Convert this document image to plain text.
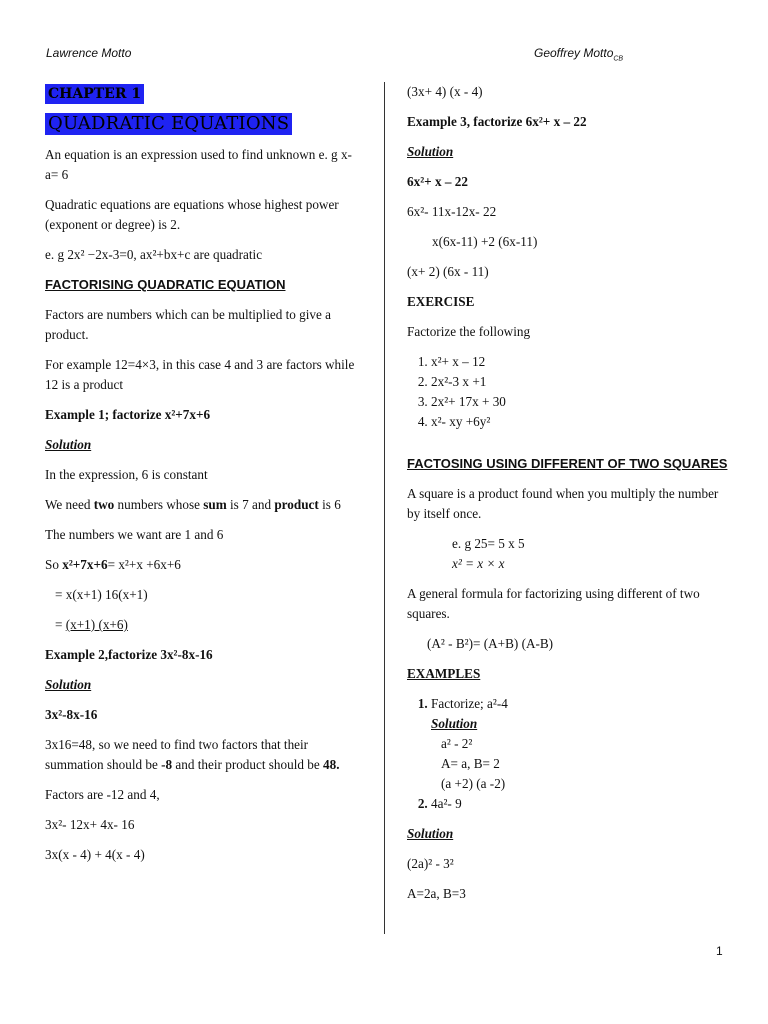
Lawrence Motto	Geoffrey Motto$_{CB}$
CHAPTER 1
QUADRATIC EQUATIONS

An equation is an expression used to find unknown e. g x-a= 6

Quadratic equations are equations whose highest power (exponent or degree) is 2.

e. g 2x² −2x-3=0, ax²+bx+c are quadratic

FACTORISING QUADRATIC EQUATION

Factors are numbers which can be multiplied to give a product.

For example 12=4×3, in this case 4 and 3 are factors while 12 is a product

Example 1; factorize x²+7x+6

Solution

In the expression, 6 is constant

We need two numbers whose sum is 7 and product is 6

The numbers we want are 1 and 6

So x²+7x+6= x²+x +6x+6

= x(x+1) 16(x+1)

= (x+1) (x+6)

Example 2,factorize 3x²-8x-16

Solution

3x²-8x-16

3x16=48, so we need to find two factors that their summation should be -8 and their product should be 48.

Factors are -12 and 4,

3x²- 12x+ 4x- 16

3x(x - 4) + 4(x - 4)

(3x+ 4) (x - 4)

Example 3, factorize 6x²+ x – 22

Solution

6x²+ x – 22

6x²- 11x-12x- 22

x(6x-11) +2 (6x-11)

(x+ 2) (6x - 11)

EXERCISE

Factorize the following

1. x²+ x – 12
2. 2x²-3 x +1
3. 2x²+ 17x + 30
4. x²- xy +6y²

FACTOSING USING DIFFERENT OF TWO SQUARES

A square is a product found when you multiply the number by itself once.

e. g 25= 5 x 5

x² = x × x

A general formula for factorizing using different of two squares.

(A² - B²)= (A+B) (A-B)

EXAMPLES

1. Factorize; a²-4
Solution
a² - 2²
A= a, B= 2
(a +2) (a -2)
2. 4a²- 9

Solution

(2a)² - 3²

A=2a, B=3

1
